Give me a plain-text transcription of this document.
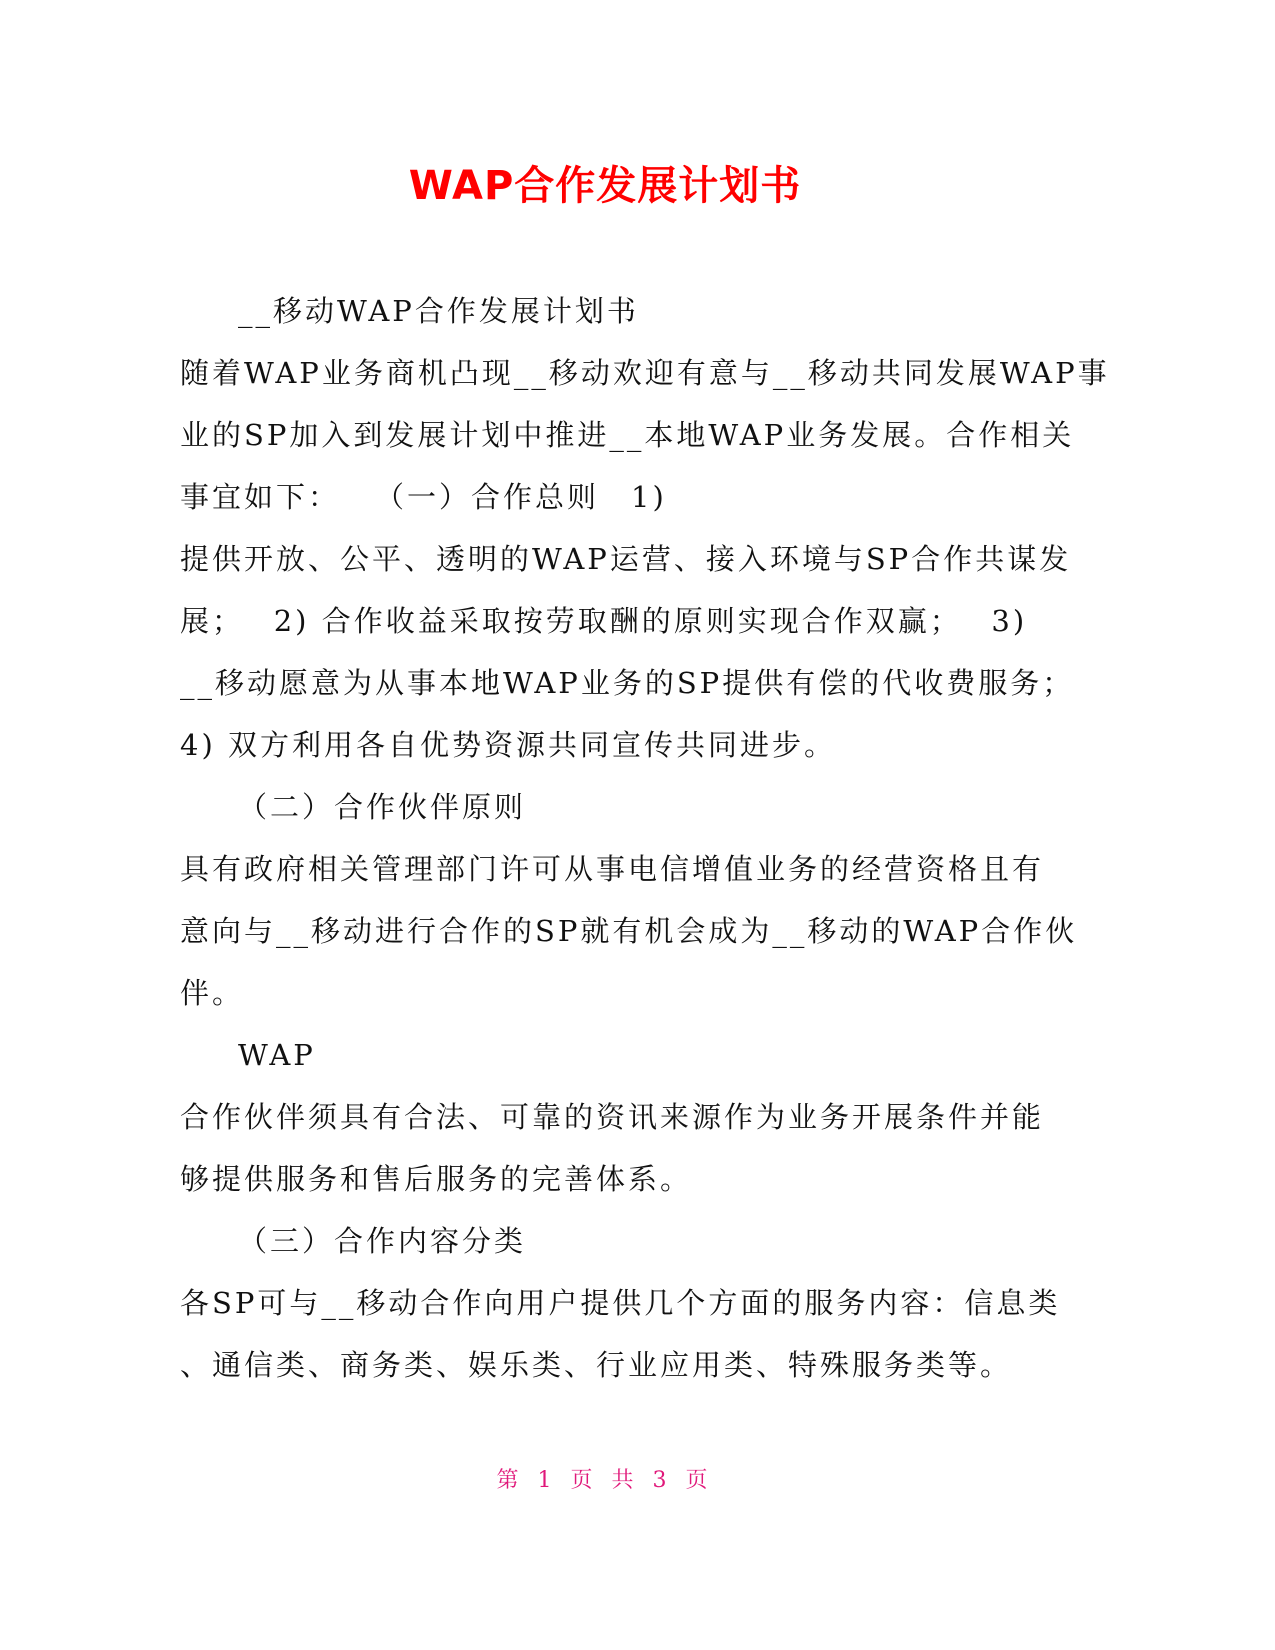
WAP合作发展计划书
__移动WAP合作发展计划书
随着WAP业务商机凸现__移动欢迎有意与__移动共同发展WAP事
业的SP加入到发展计划中推进__本地WAP业务发展。合作相关
事宜如下：　　（一）合作总则　1)
提供开放、公平、透明的WAP运营、接入环境与SP合作共谋发
展；　 2) 合作收益采取按劳取酬的原则实现合作双赢；　 3)
__移动愿意为从事本地WAP业务的SP提供有偿的代收费服务；
4) 双方利用各自优势资源共同宣传共同进步。
（二）合作伙伴原则
具有政府相关管理部门许可从事电信增值业务的经营资格且有
意向与__移动进行合作的SP就有机会成为__移动的WAP合作伙
伴。
WAP
合作伙伴须具有合法、可靠的资讯来源作为业务开展条件并能
够提供服务和售后服务的完善体系。
（三）合作内容分类
各SP可与__移动合作向用户提供几个方面的服务内容：信息类
、通信类、商务类、娱乐类、行业应用类、特殊服务类等。
第 1 页 共 3 页
